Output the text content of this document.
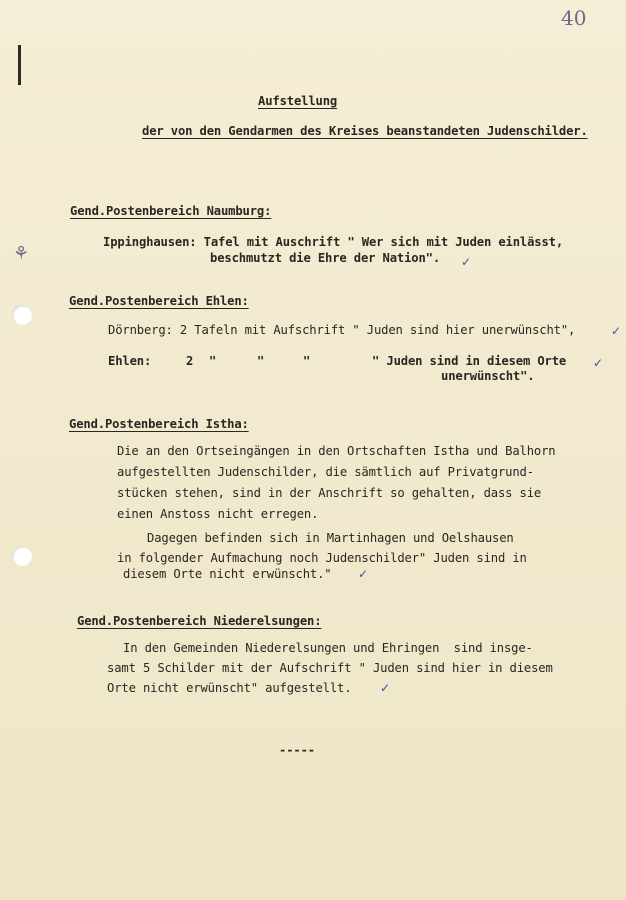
40
⚘
Aufstellung
der von den Gendarmen des Kreises beanstandeten Judenschilder.
Gend.Postenbereich Naumburg:
Ippinghausen: Tafel mit Auschrift " Wer sich mit Juden einlässt,
beschmutzt die Ehre der Nation". ✓
Gend.Postenbereich Ehlen:
Dörnberg: 2 Tafeln mit Aufschrift " Juden sind hier unerwünscht",	✓
Ehlen:	2 "	"	"	" Juden sind in diesem Orte ✓
unerwünscht".
Gend.Postenbereich Istha:
Die an den Ortseingängen in den Ortschaften Istha und Balhorn
aufgestellten Judenschilder, die sämtlich auf Privatgrund-
stücken stehen, sind in der Anschrift so gehalten, dass sie
einen Anstoss nicht erregen.
Dagegen befinden sich in Martinhagen und Oelshausen
in folgender Aufmachung noch Judenschilder" Juden sind in
diesem Orte nicht erwünscht." ✓
Gend.Postenbereich Niederelsungen:
In den Gemeinden Niederelsungen und Ehringen  sind insge-
samt 5 Schilder mit der Aufschrift " Juden sind hier in diesem
Orte nicht erwünscht" aufgestellt. ✓
-----
